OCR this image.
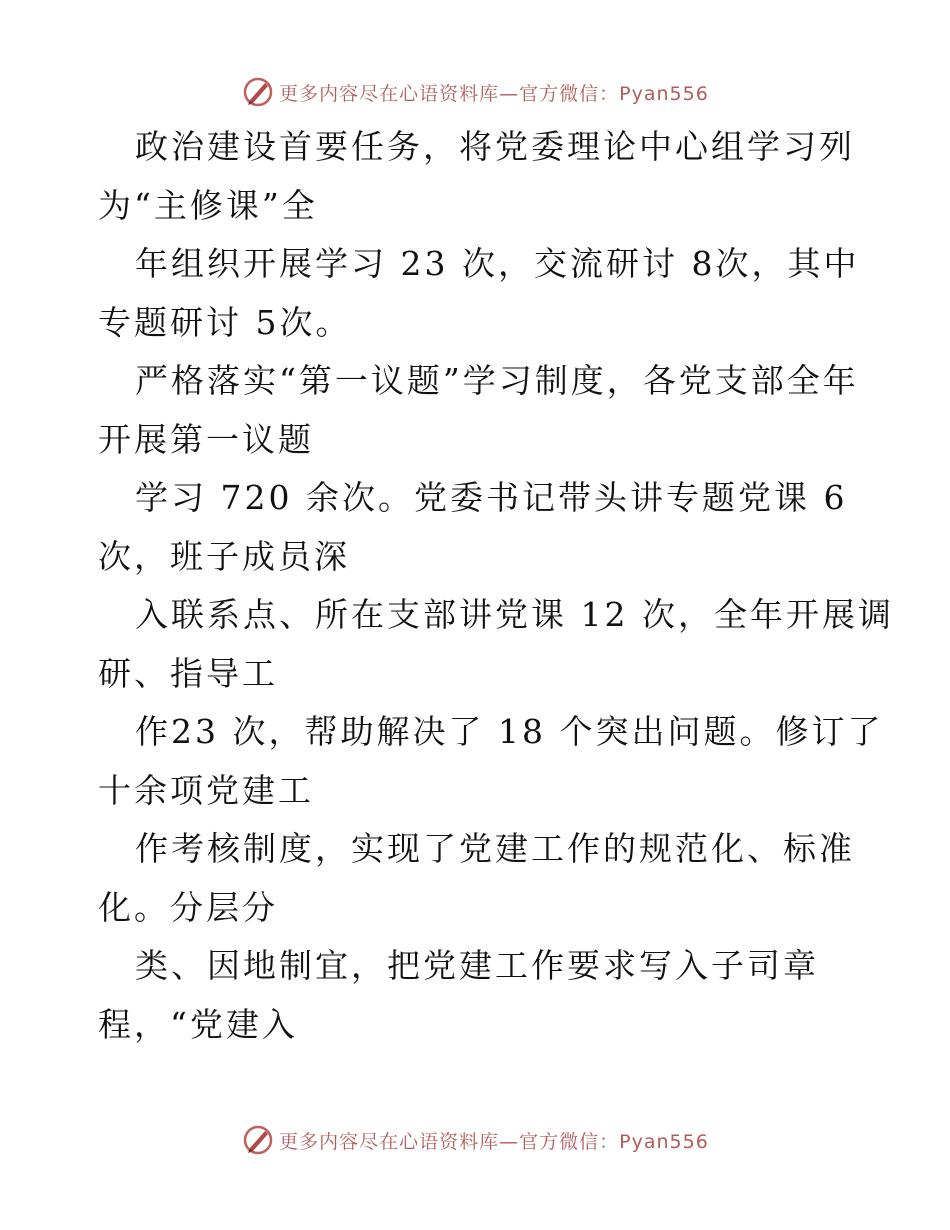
更多内容尽在心语资料库—官方微信：Pyan556
政治建设首要任务，将党委理论中心组学习列
为“主修课”全
年组织开展学习 23 次，交流研讨 8次，其中
专题研讨 5次。
严格落实“第一议题”学习制度，各党支部全年
开展第一议题
学习 720 余次。党委书记带头讲专题党课 6
次，班子成员深
入联系点、所在支部讲党课 12 次，全年开展调
研、指导工
作23 次，帮助解决了 18 个突出问题。修订了
十余项党建工
作考核制度，实现了党建工作的规范化、标准
化。分层分
类、因地制宜，把党建工作要求写入子司章
程，“党建入
更多内容尽在心语资料库—官方微信：Pyan556
